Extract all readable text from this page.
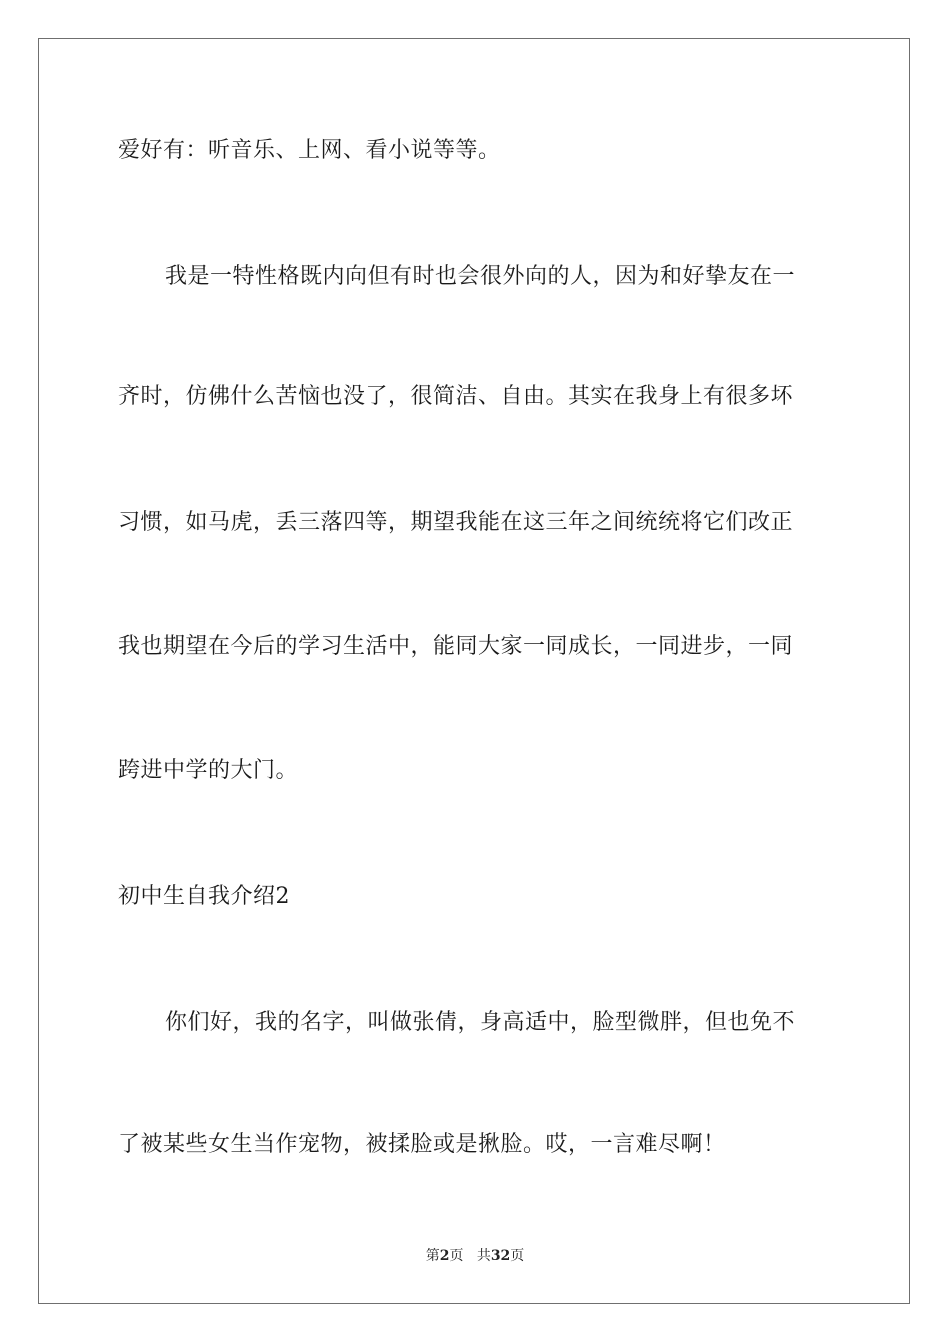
爱好有：听音乐、上网、看小说等等。
我是一特性格既内向但有时也会很外向的人，因为和好挚友在一
齐时，仿佛什么苦恼也没了，很简洁、自由。其实在我身上有很多坏
习惯，如马虎，丢三落四等，期望我能在这三年之间统统将它们改正
我也期望在今后的学习生活中，能同大家一同成长，一同进步，一同
跨进中学的大门。
初中生自我介绍2
你们好，我的名字，叫做张倩，身高适中，脸型微胖，但也免不
了被某些女生当作宠物，被揉脸或是揪脸。哎，一言难尽啊！
第2页 共32页
